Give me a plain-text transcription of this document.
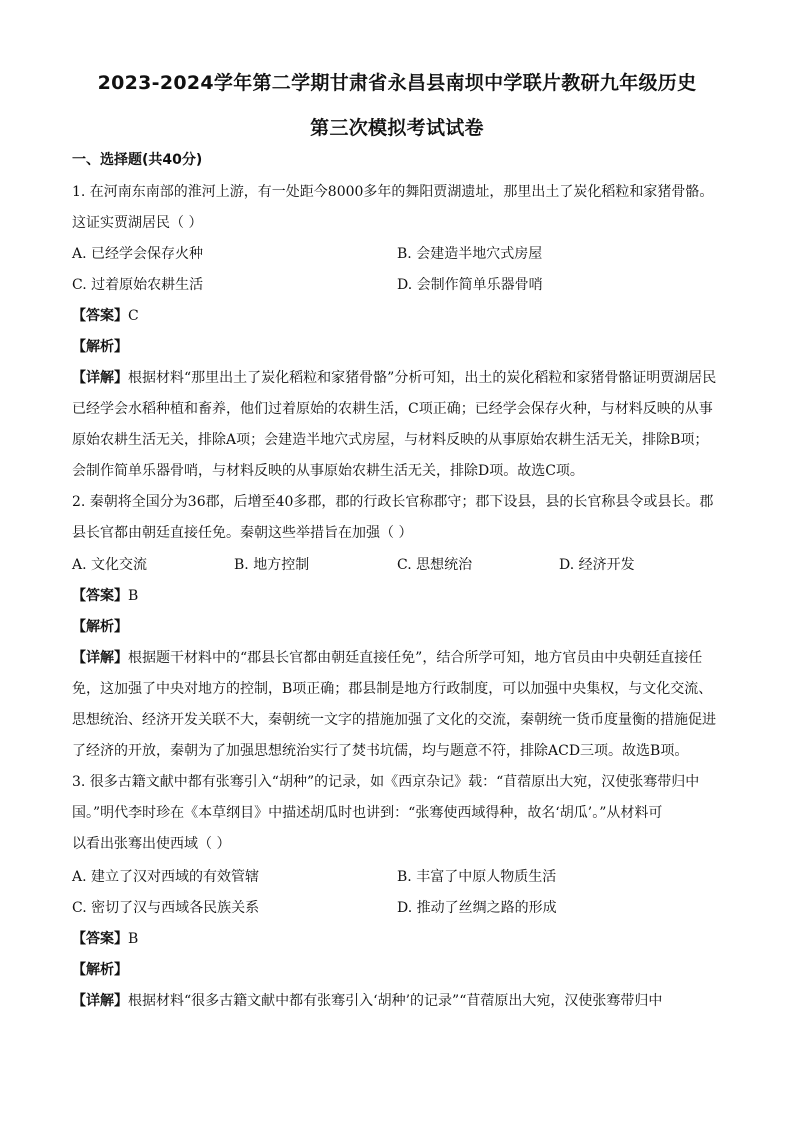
2023-2024学年第二学期甘肃省永昌县南坝中学联片教研九年级历史
第三次模拟考试试卷
一、选择题(共40分)
1. 在河南东南部的淮河上游，有一处距今8000多年的舞阳贾湖遗址，那里出土了炭化稻粒和家猪骨骼。
这证实贾湖居民（ ）
A. 已经学会保存火种	B. 会建造半地穴式房屋
C. 过着原始农耕生活	D. 会制作简单乐器骨哨
【答案】C
【解析】
【详解】根据材料“那里出土了炭化稻粒和家猪骨骼”分析可知，出土的炭化稻粒和家猪骨骼证明贾湖居民
已经学会水稻种植和畜养，他们过着原始的农耕生活，C项正确；已经学会保存火种，与材料反映的从事
原始农耕生活无关，排除A项；会建造半地穴式房屋，与材料反映的从事原始农耕生活无关，排除B项；
会制作简单乐器骨哨，与材料反映的从事原始农耕生活无关，排除D项。故选C项。
2. 秦朝将全国分为36郡，后增至40多郡，郡的行政长官称郡守；郡下设县，县的长官称县令或县长。郡
县长官都由朝廷直接任免。秦朝这些举措旨在加强（ ）
A. 文化交流	B. 地方控制	C. 思想统治	D. 经济开发
【答案】B
【解析】
【详解】根据题干材料中的“郡县长官都由朝廷直接任免”，结合所学可知，地方官员由中央朝廷直接任
免，这加强了中央对地方的控制，B项正确；郡县制是地方行政制度，可以加强中央集权，与文化交流、
思想统治、经济开发关联不大，秦朝统一文字的措施加强了文化的交流，秦朝统一货币度量衡的措施促进
了经济的开放，秦朝为了加强思想统治实行了焚书坑儒，均与题意不符，排除ACD三项。故选B项。
3. 很多古籍文献中都有张骞引入“胡种”的记录，如《西京杂记》载：“苜蓿原出大宛，汉使张骞带归中
国。”明代李时珍在《本草纲目》中描述胡瓜时也讲到：“张骞使西域得种，故名‘胡瓜’。”从材料可
以看出张骞出使西域（ ）
A. 建立了汉对西域的有效管辖	B. 丰富了中原人物质生活
C. 密切了汉与西域各民族关系	D. 推动了丝绸之路的形成
【答案】B
【解析】
【详解】根据材料“很多古籍文献中都有张骞引入‘胡种’的记录”“苜蓿原出大宛，汉使张骞带归中
